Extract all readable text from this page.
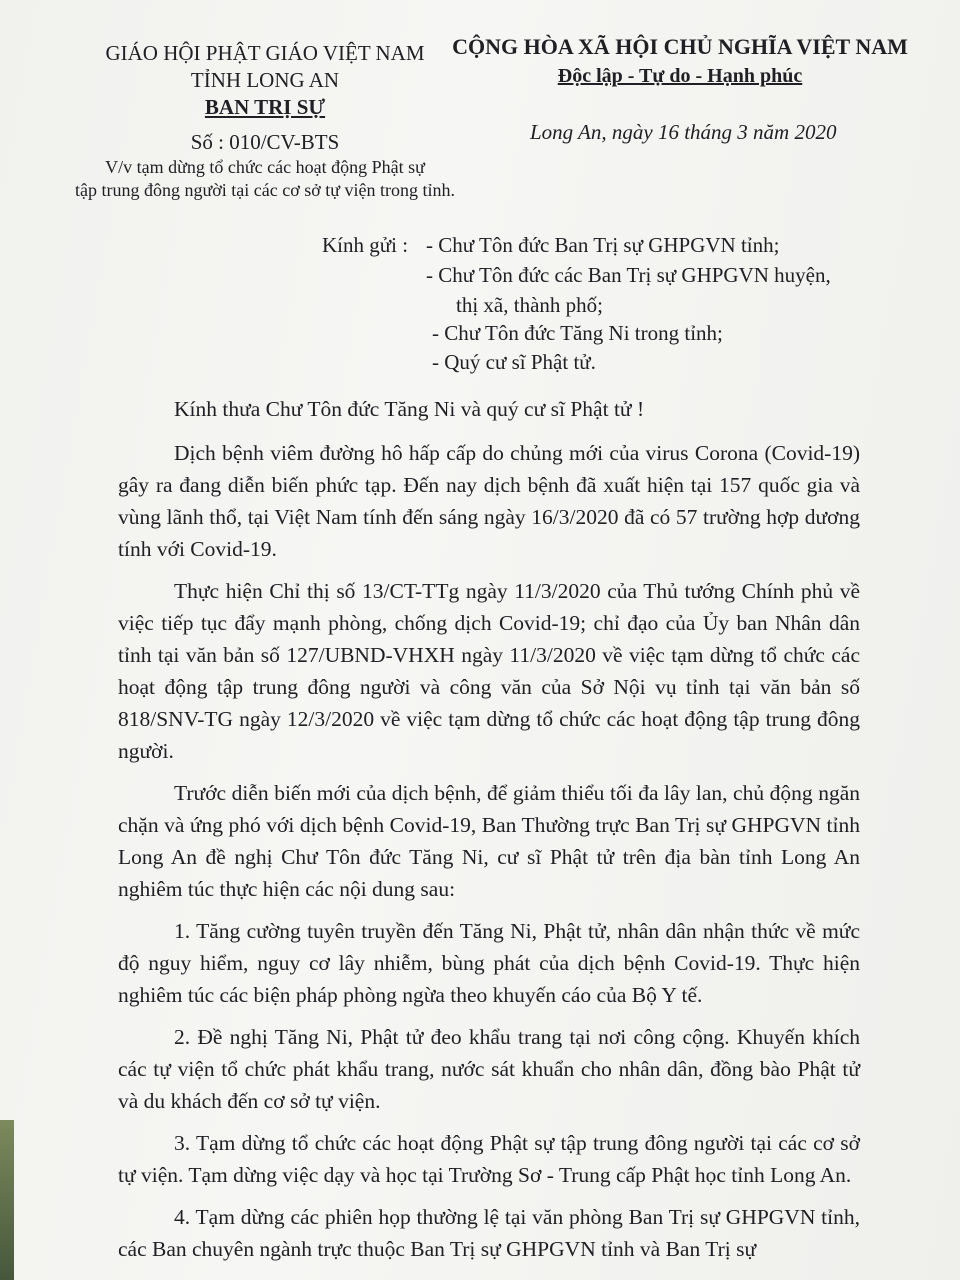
GIÁO HỘI PHẬT GIÁO VIỆT NAM
TỈNH LONG AN
BAN TRỊ SỰ
Số : 010/CV-BTS
V/v tạm dừng tổ chức các hoạt động Phật sự
tập trung đông người tại các cơ sở tự viện trong tỉnh.
CỘNG HÒA XÃ HỘI CHỦ NGHĨA VIỆT NAM
Độc lập - Tự do - Hạnh phúc
Long An, ngày 16 tháng 3 năm 2020
Kính gửi : - Chư Tôn đức Ban Trị sự GHPGVN tỉnh;
- Chư Tôn đức các Ban Trị sự GHPGVN huyện,
thị xã, thành phố;
- Chư Tôn đức Tăng Ni trong tỉnh;
- Quý cư sĩ Phật tử.

Kính thưa Chư Tôn đức Tăng Ni và quý cư sĩ Phật tử !

Dịch bệnh viêm đường hô hấp cấp do chủng mới của virus Corona (Covid-19) gây ra đang diễn biến phức tạp. Đến nay dịch bệnh đã xuất hiện tại 157 quốc gia và vùng lãnh thổ, tại Việt Nam tính đến sáng ngày 16/3/2020 đã có 57 trường hợp dương tính với Covid-19.

Thực hiện Chỉ thị số 13/CT-TTg ngày 11/3/2020 của Thủ tướng Chính phủ về việc tiếp tục đẩy mạnh phòng, chống dịch Covid-19; chỉ đạo của Ủy ban Nhân dân tỉnh tại văn bản số 127/UBND-VHXH ngày 11/3/2020 về việc tạm dừng tổ chức các hoạt động tập trung đông người và công văn của Sở Nội vụ tỉnh tại văn bản số 818/SNV-TG ngày 12/3/2020 về việc tạm dừng tổ chức các hoạt động tập trung đông người.

Trước diễn biến mới của dịch bệnh, để giảm thiểu tối đa lây lan, chủ động ngăn chặn và ứng phó với dịch bệnh Covid-19, Ban Thường trực Ban Trị sự GHPGVN tỉnh Long An đề nghị Chư Tôn đức Tăng Ni, cư sĩ Phật tử trên địa bàn tỉnh Long An nghiêm túc thực hiện các nội dung sau:

1. Tăng cường tuyên truyền đến Tăng Ni, Phật tử, nhân dân nhận thức về mức độ nguy hiểm, nguy cơ lây nhiễm, bùng phát của dịch bệnh Covid-19. Thực hiện nghiêm túc các biện pháp phòng ngừa theo khuyến cáo của Bộ Y tế.

2. Đề nghị Tăng Ni, Phật tử đeo khẩu trang tại nơi công cộng. Khuyến khích các tự viện tổ chức phát khẩu trang, nước sát khuẩn cho nhân dân, đồng bào Phật tử và du khách đến cơ sở tự viện.

3. Tạm dừng tổ chức các hoạt động Phật sự tập trung đông người tại các cơ sở tự viện. Tạm dừng việc dạy và học tại Trường Sơ - Trung cấp Phật học tỉnh Long An.

4. Tạm dừng các phiên họp thường lệ tại văn phòng Ban Trị sự GHPGVN tỉnh, các Ban chuyên ngành trực thuộc Ban Trị sự GHPGVN tỉnh và Ban Trị sự
